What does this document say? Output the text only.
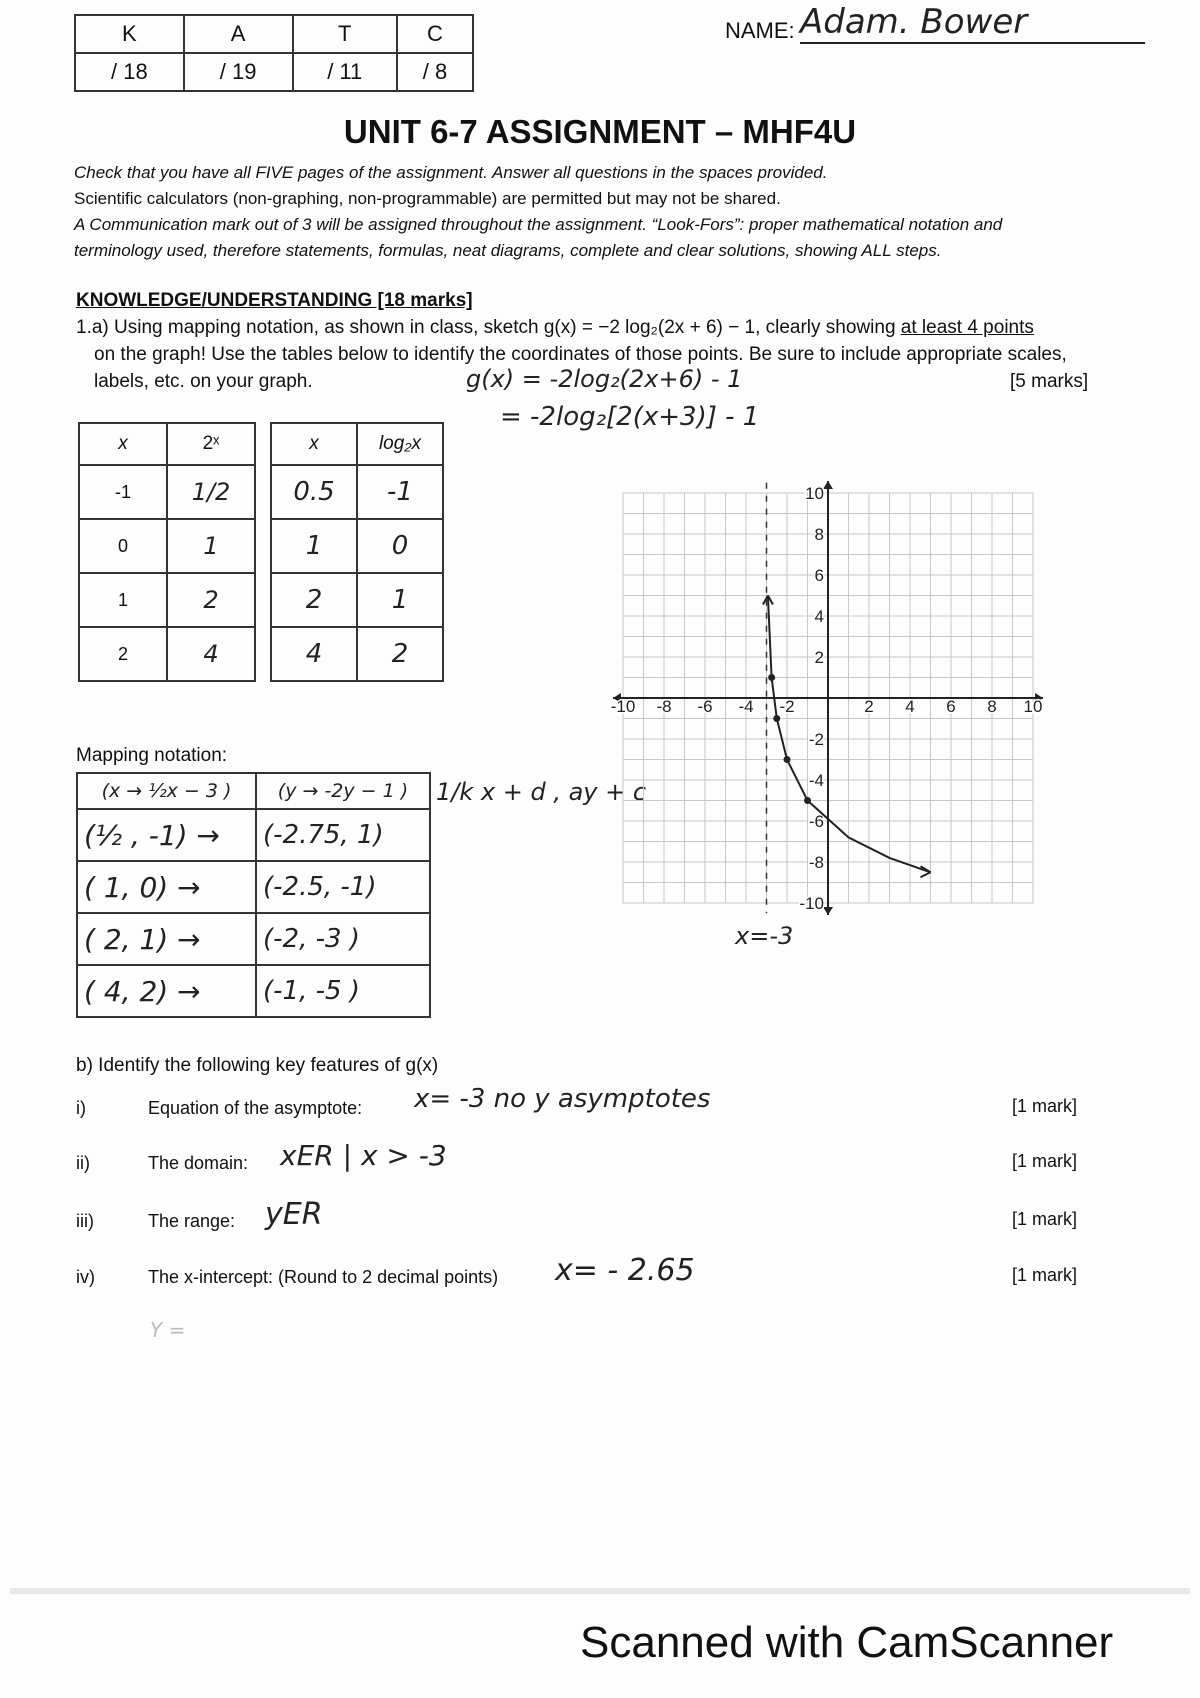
K	A	T	C
/ 18	/ 19	/ 11	/ 8
NAME: Adam. Bower
UNIT 6-7 ASSIGNMENT – MHF4U
Check that you have all FIVE pages of the assignment. Answer all questions in the spaces provided.
Scientific calculators (non-graphing, non-programmable) are permitted but may not be shared.
A Communication mark out of 3 will be assigned throughout the assignment. “Look-Fors”: proper mathematical notation and
terminology used, therefore statements, formulas, neat diagrams, complete and clear solutions, showing ALL steps.
KNOWLEDGE/UNDERSTANDING [18 marks]
1.a) Using mapping notation, as shown in class, sketch g(x) = −2 log₂(2x + 6) − 1, clearly showing at least 4 points
on the graph! Use the tables below to identify the coordinates of those points. Be sure to include appropriate scales,
labels, etc. on your graph.	[5 marks]
g(x) = -2log₂(2x+6) - 1
= -2log₂[2(x+3)] - 1
x	2ˣ
-1	1/2
0	1
1	2
2	4
x	log₂x
0.5	-1
1	0
2	1
4	2
Mapping notation:
(x → ½x − 3 )	(y → -2y − 1 )
(½ , -1) →	(-2.75, 1)
( 1, 0) →	(-2.5, -1)
( 2, 1) →	(-2, -3 )
( 4, 2) →	(-1, -5 )
1/k x + d , ay + c
-10 -8 -6 -4 -2	2 4 6 8 10
10
8
6
4
2
-2
-4
-6
-8
-10
x=-3
b) Identify the following key features of g(x)
i)	Equation of the asymptote: x= -3 no y asymptotes	[1 mark]
ii)	The domain: xER | x > -3	[1 mark]
iii)	The range: yER	[1 mark]
iv)	The x-intercept: (Round to 2 decimal points) x= - 2.65	[1 mark]
Y =
Scanned with CamScanner
